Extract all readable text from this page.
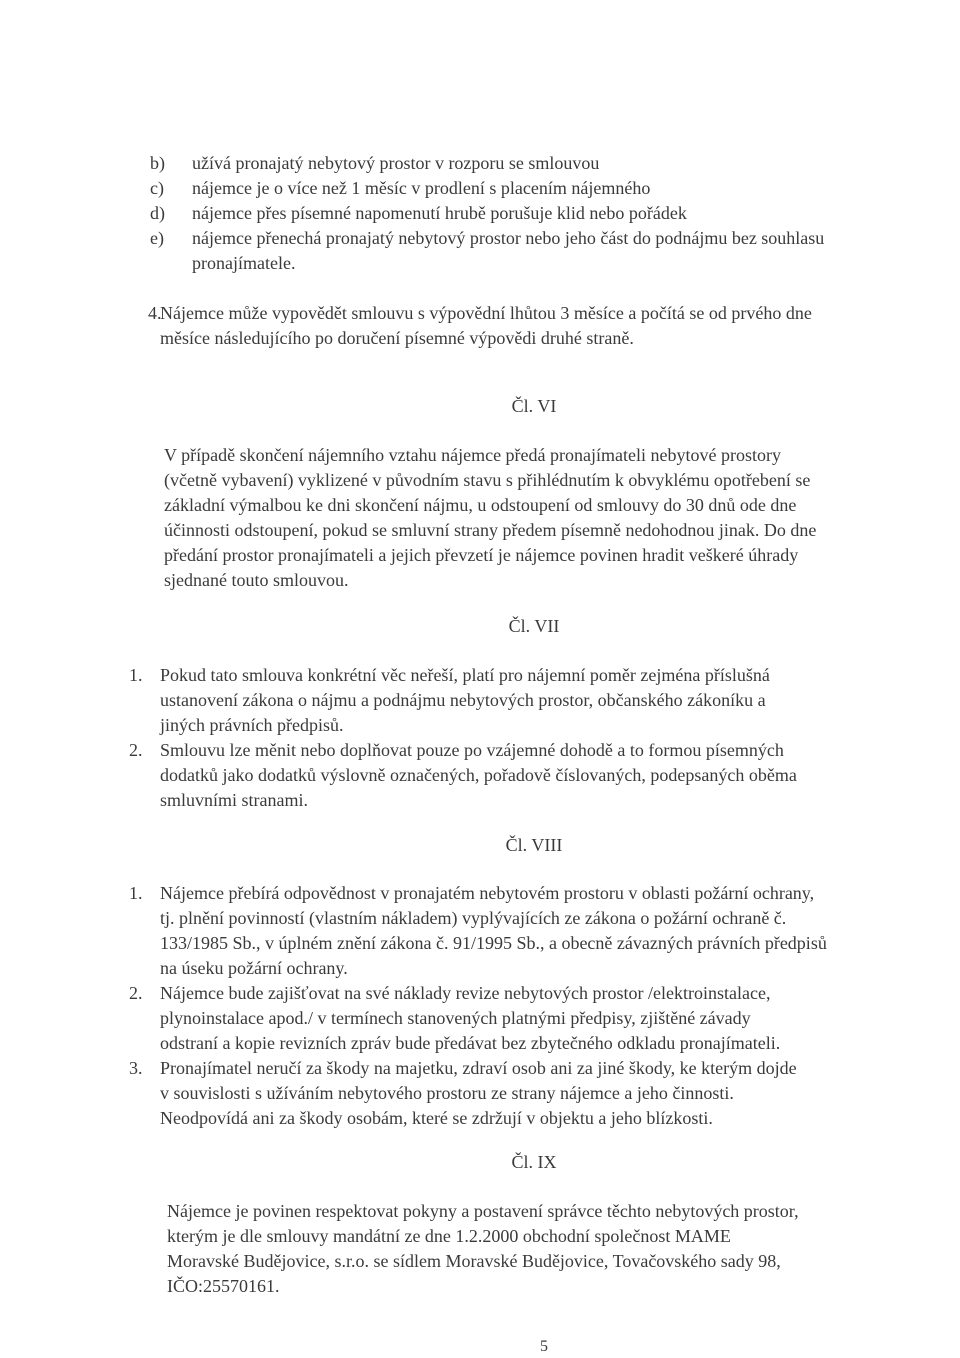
b) užívá pronajatý nebytový prostor v rozporu se smlouvou
c) nájemce je o více než 1 měsíc v prodlení s placením nájemného
d) nájemce přes písemné napomenutí hrubě porušuje klid nebo pořádek
e) nájemce přenechá pronajatý nebytový prostor nebo jeho část do podnájmu bez souhlasu
pronajímatele.
4.
Nájemce může vypovědět smlouvu s výpovědní lhůtou 3 měsíce a počítá se od prvého dne
měsíce následujícího po doručení písemné výpovědi druhé straně.
Čl. VI
V případě skončení nájemního vztahu nájemce předá pronajímateli nebytové prostory
(včetně vybavení) vyklizené v původním stavu s přihlédnutím k obvyklému opotřebení se
základní výmalbou ke dni skončení nájmu, u odstoupení od smlouvy do 30 dnů ode dne
účinnosti odstoupení, pokud se smluvní strany předem písemně nedohodnou jinak. Do dne
předání prostor pronajímateli a jejich převzetí je nájemce povinen hradit veškeré úhrady
sjednané touto smlouvou.
Čl. VII
1. Pokud tato smlouva konkrétní věc neřeší, platí pro nájemní poměr zejména příslušná
ustanovení zákona o nájmu a podnájmu nebytových prostor, občanského zákoníku a
jiných právních předpisů.
2. Smlouvu lze měnit nebo doplňovat pouze po vzájemné dohodě a to formou písemných
dodatků jako dodatků výslovně označených, pořadově číslovaných, podepsaných oběma
smluvními stranami.
Čl. VIII
1. Nájemce přebírá odpovědnost v pronajatém nebytovém prostoru v oblasti požární ochrany,
tj. plnění povinností (vlastním nákladem) vyplývajících ze zákona o požární ochraně č.
133/1985 Sb., v úplném znění zákona č. 91/1995 Sb., a obecně závazných právních předpisů
na úseku požární ochrany.
2. Nájemce bude zajišťovat na své náklady revize nebytových prostor /elektroinstalace,
plynoinstalace apod./ v termínech stanovených platnými předpisy, zjištěné závady
odstraní a kopie revizních zpráv bude předávat bez zbytečného odkladu pronajímateli.
3. Pronajímatel neručí za škody na majetku, zdraví osob ani za jiné škody, ke kterým dojde
v souvislosti s užíváním nebytového prostoru ze strany nájemce a jeho činnosti.
Neodpovídá ani za škody osobám, které se zdržují v objektu a jeho blízkosti.
Čl. IX
Nájemce je povinen respektovat pokyny a postavení správce těchto nebytových prostor,
kterým je dle smlouvy mandátní ze dne 1.2.2000 obchodní společnost MAME
Moravské Budějovice, s.r.o. se sídlem Moravské Budějovice, Tovačovského sady 98,
IČO:25570161.
5
